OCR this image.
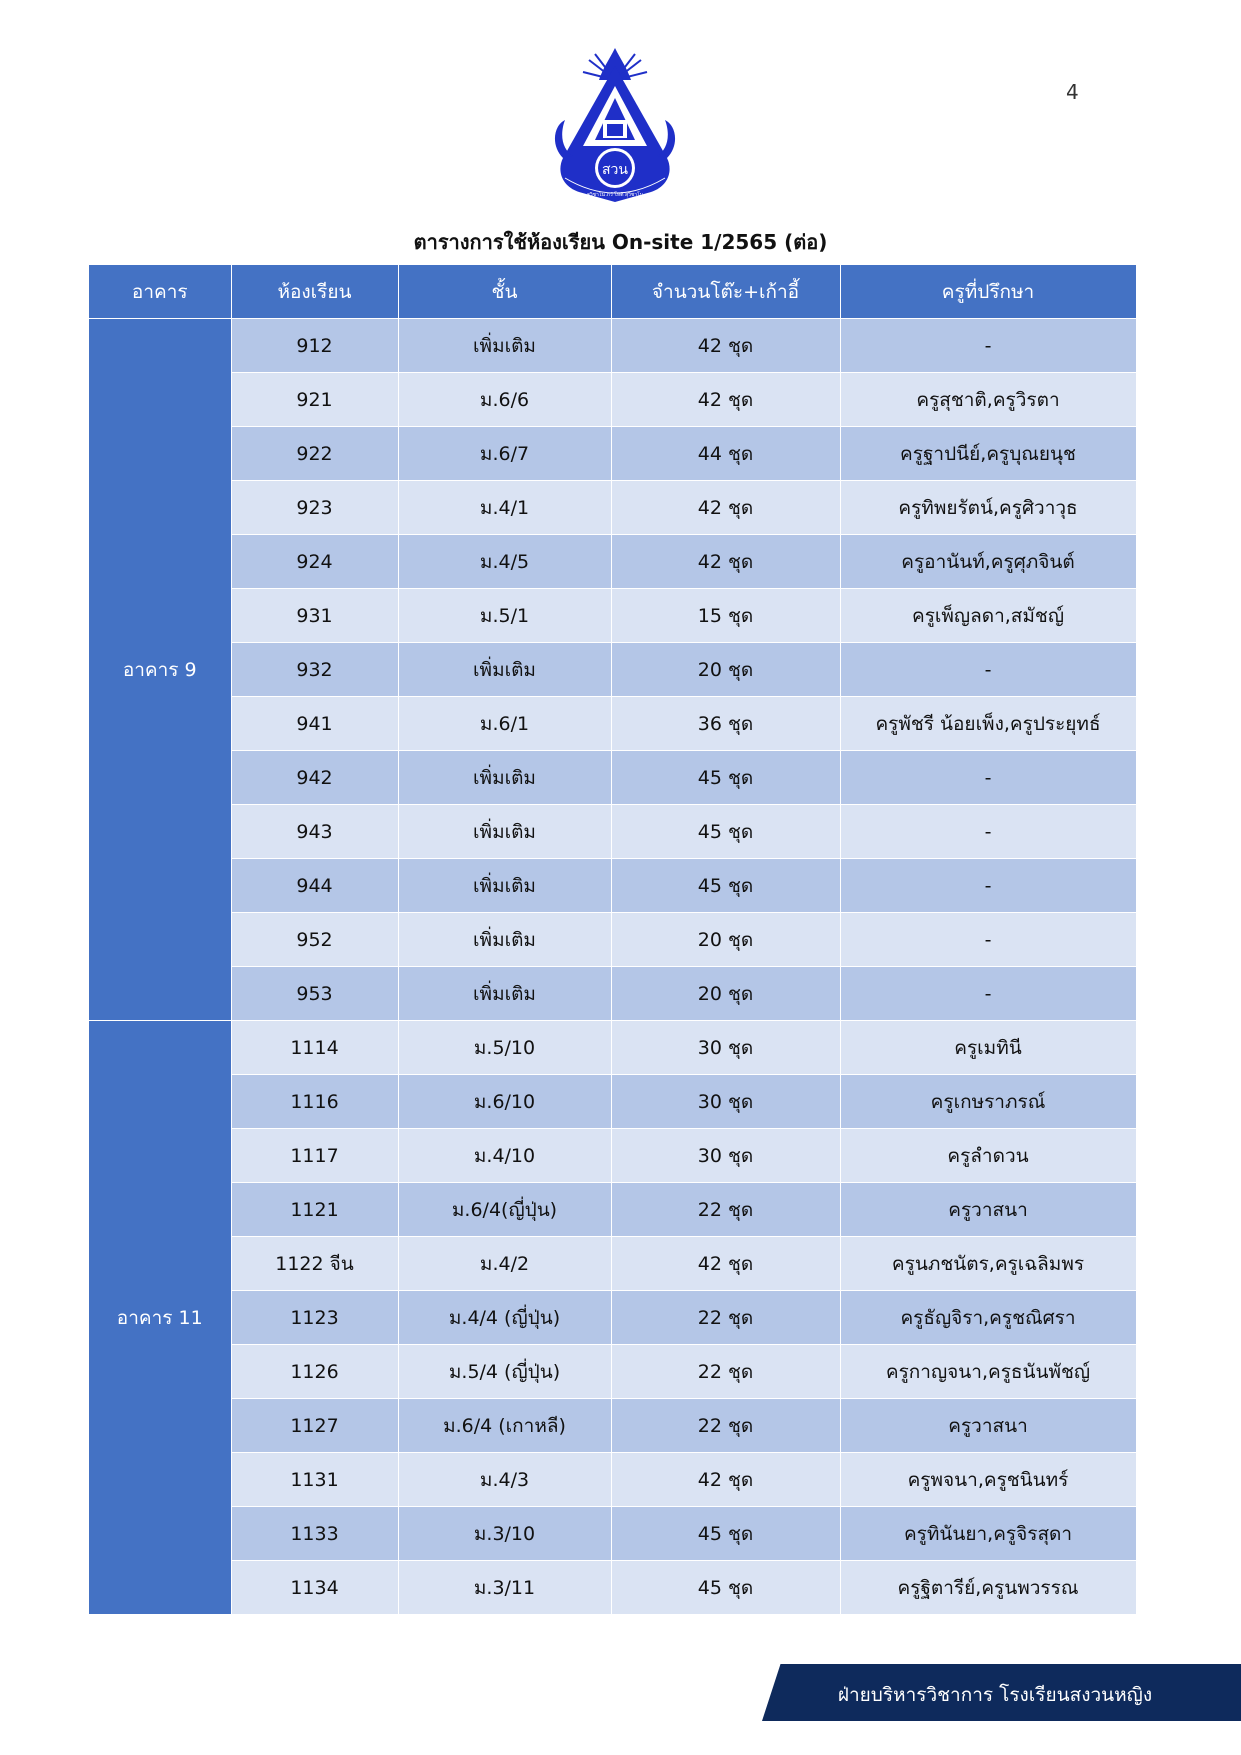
4
สวน
สุวิชาโน ภวํ โหติ สุวิชาโน
ตารางการใช้ห้องเรียน On-site 1/2565 (ต่อ)
อาคาร	ห้องเรียน	ชั้น	จำนวนโต๊ะ+เก้าอี้	ครูที่ปรึกษา
อาคาร 9	912	เพิ่มเติม	42 ชุด	-
	921	ม.6/6	42 ชุด	ครูสุชาติ,ครูวิรตา
	922	ม.6/7	44 ชุด	ครูฐาปนีย์,ครูบุณยนุช
	923	ม.4/1	42 ชุด	ครูทิพยรัตน์,ครูศิวาวุธ
	924	ม.4/5	42 ชุด	ครูอานันท์,ครูศุภจินต์
	931	ม.5/1	15 ชุด	ครูเพ็ญลดา,สมัชญ์
	932	เพิ่มเติม	20 ชุด	-
	941	ม.6/1	36 ชุด	ครูพัชรี น้อยเพ็ง,ครูประยุทธ์
	942	เพิ่มเติม	45 ชุด	-
	943	เพิ่มเติม	45 ชุด	-
	944	เพิ่มเติม	45 ชุด	-
	952	เพิ่มเติม	20 ชุด	-
	953	เพิ่มเติม	20 ชุด	-
อาคาร 11	1114	ม.5/10	30 ชุด	ครูเมทินี
	1116	ม.6/10	30 ชุด	ครูเกษราภรณ์
	1117	ม.4/10	30 ชุด	ครูลำดวน
	1121	ม.6/4(ญี่ปุ่น)	22 ชุด	ครูวาสนา
	1122 จีน	ม.4/2	42 ชุด	ครูนภชนัตร,ครูเฉลิมพร
	1123	ม.4/4 (ญี่ปุ่น)	22 ชุด	ครูธัญจิรา,ครูชณิศรา
	1126	ม.5/4 (ญี่ปุ่น)	22 ชุด	ครูกาญจนา,ครูธนันพัชญ์
	1127	ม.6/4 (เกาหลี)	22 ชุด	ครูวาสนา
	1131	ม.4/3	42 ชุด	ครูพจนา,ครูชนินทร์
	1133	ม.3/10	45 ชุด	ครูทินันยา,ครูจิรสุดา
	1134	ม.3/11	45 ชุด	ครูฐิตารีย์,ครูนพวรรณ
ฝ่ายบริหารวิชาการ โรงเรียนสงวนหญิง
